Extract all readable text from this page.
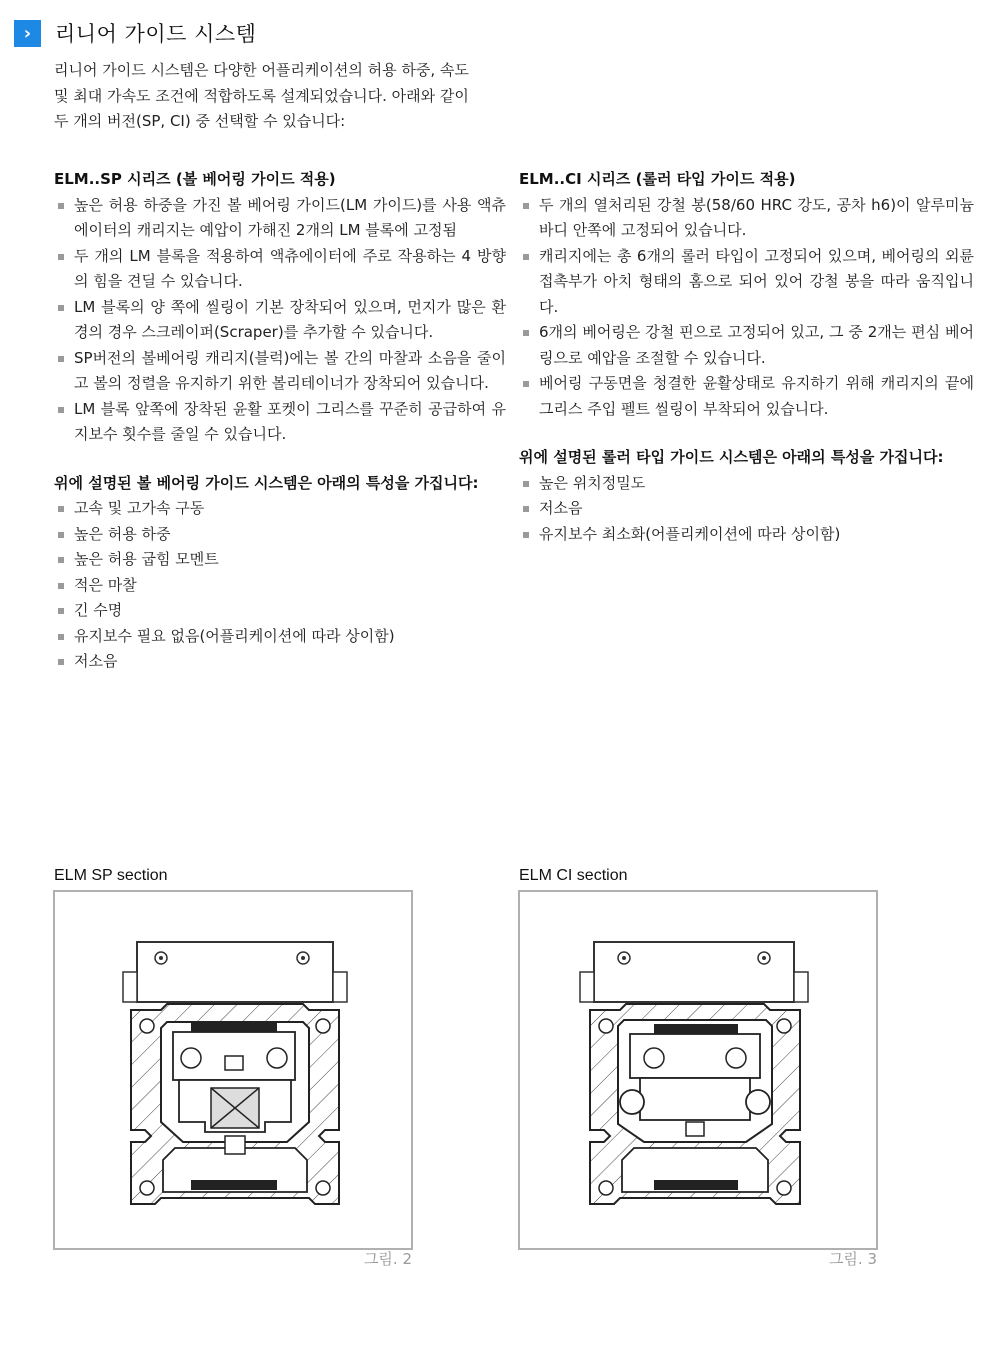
›	리니어 가이드 시스템
리니어 가이드 시스템은 다양한 어플리케이션의 허용 하중, 속도
및 최대 가속도 조건에 적합하도록 설계되었습니다. 아래와 같이
두 개의 버전(SP, CI) 중 선택할 수 있습니다:
ELM..SP 시리즈 (볼 베어링 가이드 적용)
높은 허용 하중을 가진 볼 베어링 가이드(LM 가이드)를 사용 액츄에이터의 캐리지는 예압이 가해진 2개의 LM 블록에 고정됨
두 개의 LM 블록을 적용하여 액츄에이터에 주로 작용하는 4 방향의 힘을 견딜 수 있습니다.
LM 블록의 양 쪽에 씰링이 기본 장착되어 있으며, 먼지가 많은 환경의 경우 스크레이퍼(Scraper)를 추가할 수 있습니다.
SP버전의 볼베어링 캐리지(블럭)에는 볼 간의 마찰과 소음을 줄이고 볼의 정렬을 유지하기 위한 볼리테이너가 장착되어 있습니다.
LM 블록 앞쪽에 장착된 윤활 포켓이 그리스를 꾸준히 공급하여 유지보수 횟수를 줄일 수 있습니다.
위에 설명된 볼 베어링 가이드 시스템은 아래의 특성을 가집니다:
고속 및 고가속 구동
높은 허용 하중
높은 허용 굽힘 모멘트
적은 마찰
긴 수명
유지보수 필요 없음(어플리케이션에 따라 상이함)
저소음
ELM..CI 시리즈 (롤러 타입 가이드 적용)
두 개의 열처리된 강철 봉(58/60 HRC 강도, 공차 h6)이 알루미늄 바디 안쪽에 고정되어 있습니다.
캐리지에는 총 6개의 롤러 타입이 고정되어 있으며, 베어링의 외륜 접촉부가 아치 형태의 홈으로 되어 있어 강철 봉을 따라 움직입니다.
6개의 베어링은 강철 핀으로 고정되어 있고, 그 중 2개는 편심 베어링으로 예압을 조절할 수 있습니다.
베어링 구동면을 청결한 윤활상태로 유지하기 위해 캐리지의 끝에 그리스 주입 펠트 씰링이 부착되어 있습니다.
위에 설명된 롤러 타입 가이드 시스템은 아래의 특성을 가집니다:
높은 위치정밀도
저소음
유지보수 최소화(어플리케이션에 따라 상이함)
ELM SP section	ELM CI section
그림. 2	그림. 3
